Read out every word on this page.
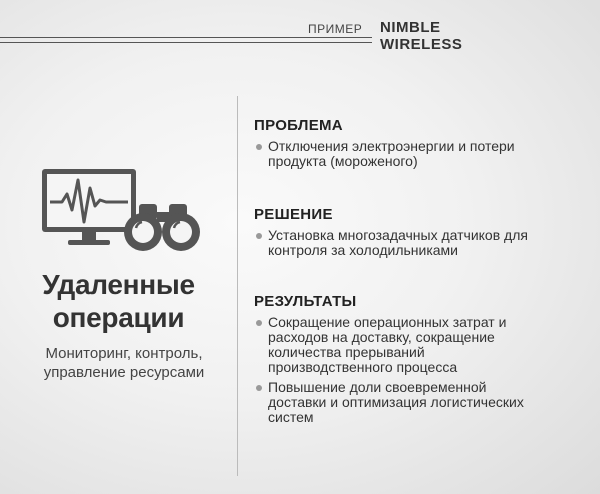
ПРИМЕР NIMBLE
WIRELESS
Удаленные
операции
Мониторинг, контроль,
управление ресурсами
ПРОБЛЕМА
Отключения электроэнергии и потери
продукта (мороженого)
РЕШЕНИЕ
Установка многозадачных датчиков для
контроля за холодильниками
РЕЗУЛЬТАТЫ
Сокращение операционных затрат и
расходов на доставку, сокращение
количества прерываний
производственного процесса
Повышение доли своевременной
доставки и оптимизация логистических
систем
